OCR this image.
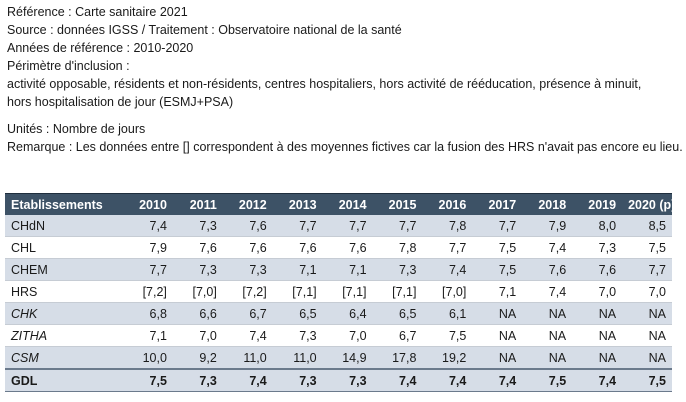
Référence : Carte sanitaire 2021
Source : données IGSS / Traitement : Observatoire national de la santé
Années de référence : 2010-2020
Périmètre d'inclusion :
activité opposable, résidents et non-résidents, centres hospitaliers, hors activité de rééducation, présence à minuit,
hors hospitalisation de jour (ESMJ+PSA)
Unités : Nombre de jours
Remarque : Les données entre [] correspondent à des moyennes fictives car la fusion des HRS n'avait pas encore eu lieu.
Etablissements	2010	2011	2012	2013	2014	2015	2016	2017	2018	2019	2020 (p)
CHdN	7,4	7,3	7,6	7,7	7,7	7,7	7,8	7,7	7,9	8,0	8,5
CHL	7,9	7,6	7,6	7,6	7,6	7,8	7,7	7,5	7,4	7,3	7,5
CHEM	7,7	7,3	7,3	7,1	7,1	7,3	7,4	7,5	7,6	7,6	7,7
HRS	[7,2]	[7,0]	[7,2]	[7,1]	[7,1]	[7,1]	[7,0]	7,1	7,4	7,0	7,0
CHK	6,8	6,6	6,7	6,5	6,4	6,5	6,1	NA	NA	NA	NA
ZITHA	7,1	7,0	7,4	7,3	7,0	6,7	7,5	NA	NA	NA	NA
CSM	10,0	9,2	11,0	11,0	14,9	17,8	19,2	NA	NA	NA	NA
GDL	7,5	7,3	7,4	7,3	7,3	7,4	7,4	7,4	7,5	7,4	7,5
